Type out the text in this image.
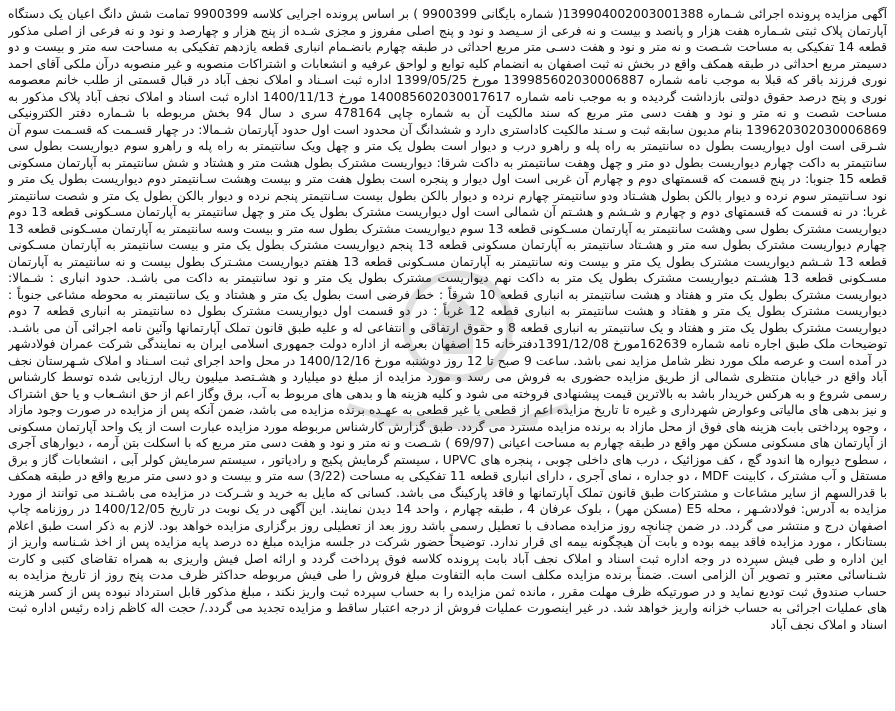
آگهی مزایده پرونده اجرائی شـماره 139904002003001388( شماره بایگانی 9900399 ) بر اساس پرونده اجرایی کلاسه 9900399 تمامت شش دانگ اعیان یک دستگاه آپارتمان پلاک ثبتی شـماره هفت هزار و پانصد و بیست و نه فرعی از سـیصد و نود و پنج اصلی مفروز و مجزی شـده از پنج هزار و چهارصد و نود و نه فرعی از اصلی مذکور قطعه 14 تفکیکی به مساحت شـصت و نه متر و نود و هفت دسـی متر مربع احداثی در طبقه چهارم بانضـمام انباری قطعه یازدهم تفکیکی به مساحت سه متر و بیست و دو دسیمتر مربع احداثی در طبقه همکف واقع در بخش نه ثبت اصفهان به انضمام کلیه توابع و لواحق عرفیه و انشعابات و اشتراکات منصوبه و غیر منصوبه درآن ملکی آقای احمد نوری فرزند باقر که قبلا به موجب نامه شماره 139985602030006887 مورخ 1399/05/25 اداره ثبت اسـناد و املاک نجف آباد در قبال قسمتی از طلب خانم معصومه نوری و پنج درصد حقوق دولتی بازداشت گردیده و به موجب نامه شماره 140085602030017617 مورخ 1400/11/13 اداره ثبت اسناد و املاک نجف آباد پلاک مذکور به مساحت شصت و نه متر و نود و هفت دسی متر مربع که سند مالکیت آن به شماره چاپی 478164 سری د سال 94 بخش مربوطه با شـماره دفتر الکترونیکی 139620302030006869 بنام مدیون سابقه ثبت و سـند مالکیت کاداستری دارد و ششدانگ آن محدود است اول حدود آپارتمان شـمالا: در چهار قسـمت که قسـمت سوم آن شـرقی است اول دیواریست بطول ده سانتیمتر به راه پله و راهرو درب و دیوار است بطول یک متر و چهل ویک سانتیمتر به راه پله و راهرو سوم دیواریست بطول سی سانتیمتر به داکت چهارم دیواریست بطول دو متر و چهل وهفت سانتیمتر به داکت شرقا: دیواریست مشترک بطول هشت متر و هشتاد و شش سانتیمتر به آپارتمان مسکونی قطعه 15 جنوبا: در پنج قسمت که قسمتهای دوم و چهارم آن غربی است اول دیوار و پنجره است بطول هفت متر و بیست وهشت سـانتیمتر دوم دیواریست بطول یک متر و نود سـانتیمتر سوم نرده و دیوار بالکن بطول هشـتاد ودو سانتیمتر چهارم نرده و دیوار بالکن بطول بیست سـانتیمتر پنجم نرده و دیوار بالکن بطول یک متر و شصت سانتیمتر غربا: در نه قسمت که قسمتهای دوم و چهارم و شـشم و هشـتم آن شمالی است اول دیواریست مشترک بطول یک متر و چهل سانتیمتر به آپارتمان مسـکونی قطعه 13 دوم دیواریست مشترک بطول سی وهشت سانتیمتر به آپارتمان مسـکونی قطعه 13 سوم دیواریست مشترک بطول سه متر و بیست وسه سانتیمتر به آپارتمان مسـکونی قطعه 13 چهارم دیواریست مشترک بطول سه متر و هشـتاد سانتیمتر به آپارتمان مسکونی قطعه 13 پنجم دیواریست مشترک بطول یک متر و بیست سانتیمتر به آپارتمان مسـکونی قطعه 13 شـشم دیواریست مشترک بطول یک متر و بیست ونه سانتیمتر به آپارتمان مسـکونی قطعه 13 هفتم دیواریست مشـترک بطول بیست و نه سانتیمتر به آپارتمان مسـکونی قطعه 13 هشـتم دیواریست مشترک بطول یک متر به داکت نهم دیواریست مشترک بطول یک متر و نود سانتیمتر به داکت می باشـد. حدود انباری : شـمالا: دیواریست مشترک بطول یک متر و هفتاد و هشت سانتیمتر به انباری قطعه 10 شرقاً : خط فرضی است بطول یک متر و هشتاد و یک سانتیمتر به محوطه مشاعی جنوباً : دیواریست مشترک بطول یک متر و هفتاد و هشت سانتیمتر به انباری قطعه 12 غرباً : در دو قسمت اول دیواریست مشترک بطول ده سانتیمتر به انباری قطعه 7 دوم دیواریست مشترک بطول یک متر و هفتاد و یک سانتیمتر به انباری قطعه 8 و حقوق ارتفاقی و انتفاعی له و علیه طبق قانون تملک آپارتمانها وآئین نامه اجرائی آن می باشـد. توضیحات ملک طبق اجاره نامه شماره 162639مورخ 1391/12/08دفترخانه 15 اصفهان بعرصه از اداره دولت جمهوری اسلامی ایران به نمایندگی شرکت عمران فولادشهر در آمده است و عرصه ملک مورد نظر شامل مزاید نمی باشد. ساعت 9 صبح تا 12 روز دوشنبه مورخ 1400/12/16 در محل واحد اجرای ثبت اسـناد و املاک شـهرستان نجف آباد واقع در خیابان منتظری شمالی از طریق مزایده حضوری به فروش می رسد و مورد مزایده از مبلغ دو میلیارد و هشـتصد میلیون ریال ارزیابی شده توسط کارشناس رسمی شروع و به هرکس خریدار باشد به بالاترین قیمت پیشنهادی فروخته می شود و کلیه هزینه ها و بدهی های مربوط به آب، برق وگاز اعم از حق انشـعاب و یا حق اشتراک و نیز بدهی های مالیاتی وعوارض شهرداری و غیره تا تاریخ مزایده اعم از قطعی یا غیر قطعی به عهـده برنده مزایده می باشد، ضمن آنکه پس از مزایده در صورت وجود مازاد ، وجوه پرداختی بابت هزینه های فوق از محل مازاد به برنده مزایده مسترد می گردد. طبق گزارش کارشناس مربوطه مورد مزایده عبارت است از یک واحد آپارتمان مسکونی از آپارتمان های مسکونی مسکن مهر واقع در طبقه چهارم به مساحت اعیانی (69/97 ) شـصت و نه متر و نود و هفت دسی متر مربع که با اسکلت بتن آرمه ، دیوارهای آجری ، سطوح دیواره ها اندود گچ ، کف موزائیک ، درب های داخلی چوبی ، پنجره های UPVC ، سیستم گرمایش پکیج و رادیاتور ، سیستم سرمایش کولر آبی ، انشعابات گاز و برق مستقل و آب مشترک ، کابینت MDF ، دو جداره ، نمای آجری ، دارای انباری قطعه 11 تفکیکی به مساحت (3/22) سه متر و بیست و دو دسی متر مربع واقع در طبقه همکف با قدرالسهم از سایر مشاعات و مشترکات طبق قانون تملک آپارتمانها و فاقد پارکینگ می باشد. کسانی که مایل به خرید و شـرکت در مزایده می باشـند می توانند از مورد مزایده به آدرس: فولادشـهر ، محله E5 (مسکن مهر) ، بلوک عرفان 4 ، طبقه چهارم ، واحد 14 دیدن نمایند. این آگهی در یک نوبت در تاریخ 1400/12/05 در روزنامه چاپ اصفهان درج و منتشر می گردد. در ضمن چنانچه روز مزایده مصادف با تعطیل رسمی باشد روز بعد از تعطیلی روز برگزاری مزایده خواهد بود. لازم به ذکر است طبق اعلام بستانکار ، مورد مزایده فاقد بیمه بوده و بابت آن هیچگونه بیمه ای قرار ندارد. توضیحاً حضور شرکت در جلسه مزایده مبلغ ده درصد پایه مزایده پس از اخذ شـناسه واریز از این اداره و طی فیش سپرده در وجه اداره ثبت اسناد و املاک نجف آباد بابت پرونده کلاسه فوق پرداخت گردد و ارائه اصل فیش واریزی به همراه تقاضای کتبی و کارت شـناسائی معتبر و تصویر آن الزامی است. ضمناً برنده مزایده مکلف است مابه التفاوت مبلغ فروش را طی فیش مربوطه حداکثر ظرف مدت پنج روز از تاریخ مزایده به حساب صندوق ثبت تودیع نماید و در صورتیکه ظرف مهلت مقرر ، مانده ثمن مزایده را به حساب سپرده ثبت واریز نکند ، مبلغ مذکور قابل استرداد نبوده پس از کسر هزینه های عملیات اجرائی به حساب خزانه واریز خواهد شد. در غیر اینصورت عملیات فروش از درجه اعتبار ساقط و مزایده تجدید می گردد./ حجت اله کاظم زاده رئیس اداره ثبت اسناد و املاک نجف آباد
